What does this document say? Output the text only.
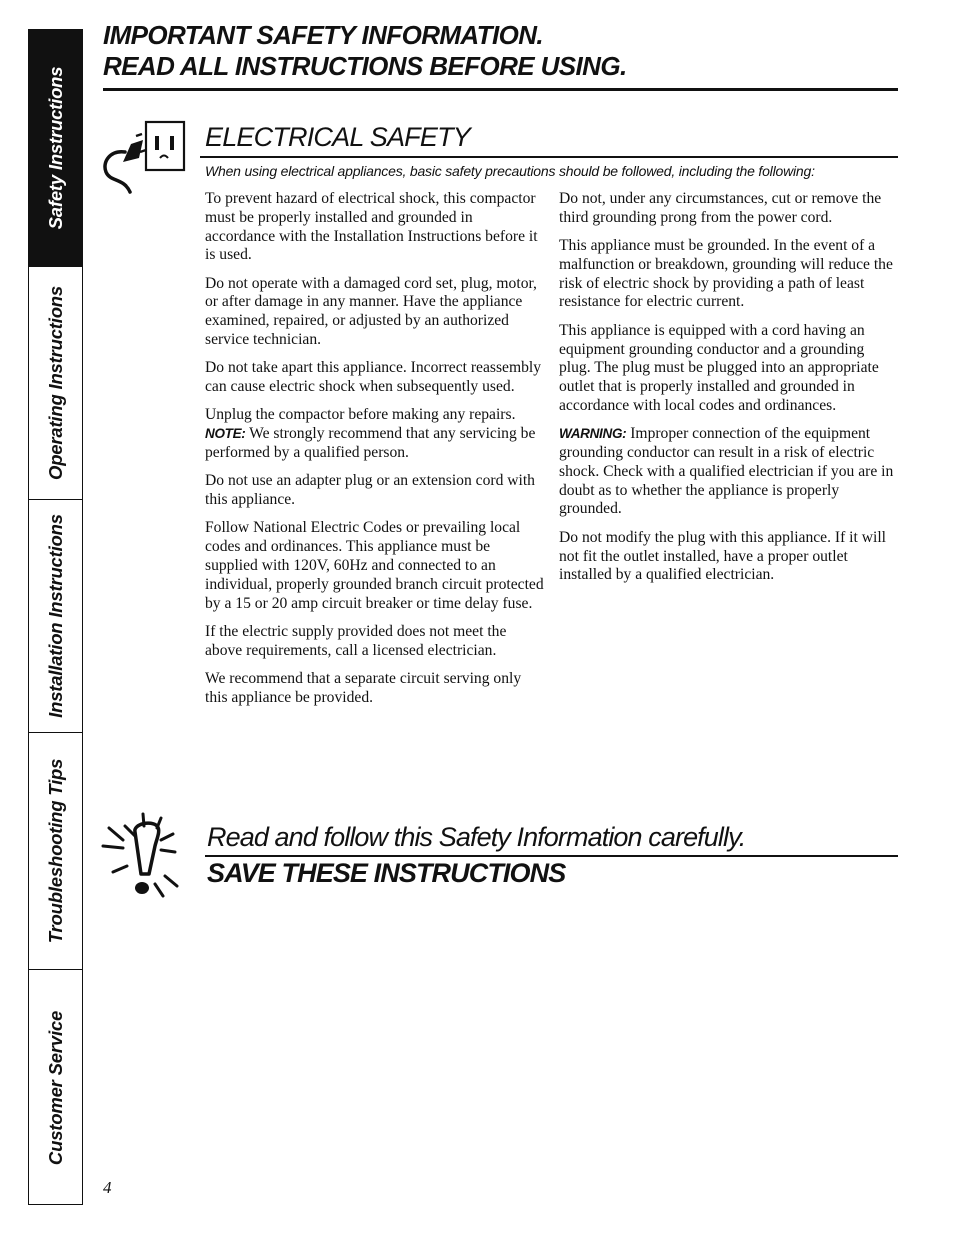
Safety Instructions
Operating Instructions
Installation Instructions
Troubleshooting Tips
Customer Service
IMPORTANT SAFETY INFORMATION.
READ ALL INSTRUCTIONS BEFORE USING.
ELECTRICAL SAFETY
When using electrical appliances, basic safety precautions should be followed, including the following:

To prevent hazard of electrical shock, this compactor must be properly installed and grounded in accordance with the Installation Instructions before it is used.

Do not operate with a damaged cord set, plug, motor, or after damage in any manner. Have the appliance examined, repaired, or adjusted by an authorized service technician.

Do not take apart this appliance. Incorrect reassembly can cause electric shock when subsequently used.

Unplug the compactor before making any repairs. NOTE: We strongly recommend that any servicing be performed by a qualified person.

Do not use an adapter plug or an extension cord with this appliance.

Follow National Electric Codes or prevailing local codes and ordinances. This appliance must be supplied with 120V, 60Hz and connected to an individual, properly grounded branch circuit protected by a 15 or 20 amp circuit breaker or time delay fuse.

If the electric supply provided does not meet the above requirements, call a licensed electrician.

We recommend that a separate circuit serving only this appliance be provided.

Do not, under any circumstances, cut or remove the third grounding prong from the power cord.

This appliance must be grounded. In the event of a malfunction or breakdown, grounding will reduce the risk of electric shock by providing a path of least resistance for electric current.

This appliance is equipped with a cord having an equipment grounding conductor and a grounding plug. The plug must be plugged into an appropriate outlet that is properly installed and grounded in accordance with local codes and ordinances.

WARNING: Improper connection of the equipment grounding conductor can result in a risk of electric shock. Check with a qualified electrician if you are in doubt as to whether the appliance is properly grounded.

Do not modify the plug with this appliance. If it will not fit the outlet installed, have a proper outlet installed by a qualified electrician.

Read and follow this Safety Information carefully.
SAVE THESE INSTRUCTIONS
4
